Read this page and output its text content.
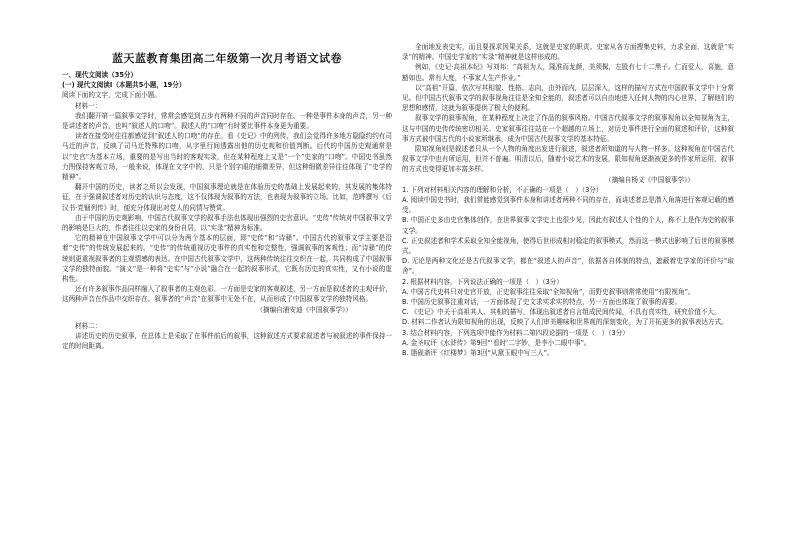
蓝天蓝教育集团高二年级第一次月考语文试卷

一、现代文阅读（35分）

(一) 现代文阅读Ⅰ（本题共5小题，19分）

阅读下面的文字，完成下面小题。

材料一：

我们翻开第一篇叙事文学时，常常会感觉到五步有两种不同的声音同时存在。一种是事件本身的声音，另一种是讲述者的声音，也叫“叙述人的口吻”。叙述人的“口吻”有时要比事件本身更为重要。

读者在接受时往往都感觉到“叙述人的口吻”的存在。看《史记》中的列传，我们会觉得许多地方隐隐约约有司马迁的声音，反映了司马迁特殊的口吻，从字里行间透露出他的历史观和价值判断。后代的中国历史观通常是以“史官”为基本立场，重要的是写出当时的客观实录，但在某种程度上又是“一个”史家的“口吻”。中国史书虽然力图保持客观立场，一般来说，体现在文字中的，只是个别字眼的细微差异，但这种细微差异往往体现了“史学的精神”。

翻开中国的历史，读者之所以会发现，中国叙事理论就是在体验历史的基础上发展起来的，其发展的集体特征，在于强调叙述者对历史的认识与态度，这不仅体现为叙事的方法，也表现为叙事的立场。比如，范晔撰写《后汉书·党锢列传》时，便充分体现出对党人的同情与赞赏。

由于中国的历史观影响，中国古代叙事文学的叙事手法也体现出强烈的史官意识。“史传”传统对中国叙事文学的影响是巨大的，作者往往以史家的身份自居，以“实录”精神为标准。

它的精神在中国叙事文学中可以分为两个基本的层面，即“史传”和“诗骚”。中国古代的叙事文学主要是沿着“史传”的传统发展起来的。“史传”的传统重视历史事件的真实性和完整性，强调叙事的客观性；而“诗骚”的传统则更重视叙事者的主观情感的表达。在中国古代叙事文学中，这两种传统往往交织在一起，共同构成了中国叙事文学的独特面貌。“演义”是一种将“史实”与“小说”融合在一起的叙事形式，它既有历史的真实性，又有小说的虚构性。

还有许多叙事作品同样融入了叙事者的主观色彩，一方面是史家的客观叙述，另一方面是叙述者的主观评价，这两种声音在作品中交织存在。叙事者的“声音”在叙事中无处不在，从而形成了中国叙事文学的独特风格。

（摘编自浦安迪《中国叙事学》）

材料二：

讲述历史的历史叙事，在总体上是采取了在事件前后的叙事，这种叙述方式要求叙述者与被叙述的事件保持一定的时间距离。

全面地发表史实，而且要探求因果关系，这就是史家的职责。史家从各方面搜集史料，力求全面，这就是“实录”的精神。中国史学家的“实录”精神就是这样形成的。

例如，《史记·高祖本纪》写刘邦：“高祖为人，隆准而龙颜，美须髯，左股有七十二黑子。仁而爱人，喜施，意豁如也。常有大度，不事家人生产作业。”

以“高祖”开篇，依次写其相貌、性格、志向，由外而内，层层深入，这样的描写方式在中国叙事文学中十分常见。但中国古代叙事文学的叙事视角往往是全知全能的，叙述者可以自由地进入任何人物的内心世界，了解他们的思想和感情，这就为叙事提供了极大的便利。

叙事文学的叙事视角，在某种程度上决定了作品的叙事风格。中国古代叙事文学的叙事视角以全知视角为主，这与中国的史传传统密切相关。史家叙事往往站在一个超越的立场上，对历史事件进行全面的叙述和评价，这种叙事方式被中国古代的小说家所继承，成为中国古代叙事文学的基本特征。

限知视角则是叙述者只从一个人物的角度出发进行叙述，叙述者所知道的与人物一样多。这种视角在中国古代叙事文学中也有所运用，但并不普遍。明清以后，随着小说艺术的发展，限知视角逐渐被更多的作家所运用，叙事的方式也变得更加丰富多样。

（摘编自杨义《中国叙事学》）

1. 下列对材料相关内容的理解和分析，不正确的一项是（　）（3分）

A. 阅读中国史书时，我们常能感觉到事件本身和讲述者两种不同的存在，而讲述者总是潜入角落进行客观记载的感受。

B. 中国正史多由史官集体创作，在世界叙事文学史上也很少见，因此有叙述人个性的个人，称不上是作为史的叙事文学。

C. 正史叙述者和学术采取全知全能视角，使得后世形成相对稳定的叙事模式，然而这一模式也影响了后世的叙事模式。

D. 无论是两种文化还是古代叙事文学，都在“叙述人的声音”，依据各自体制的特点，遮蔽着史学家的评价与“取舍”。

2. 根据材料内容，下列说法正确的一项是（　）（3分）

A. 中国古代史料只对史官开放，正史叙事往往采取“全知视角”，而野史叙事则常常使用“有限视角”。

B. 中国历史叙事注重对话，一方面体现了史文求实求实的特点，另一方面也体现了叙事的需要。

C. 《史记》中关于高祖其人、其相的描写，体现出叙述者自言组成民间传闻，不具有真实性，研究价值不大。

D. 材料二作者认为限知视角的出现，反映了人们审美趣味和世界观的深刻变化，为了开拓更多的叙事表达方式。

3. 结合材料内容，下列选项中能作为材料二第四段论据的一项是（　）（3分）

A. 金圣叹评《水浒传》第9回“‘看时’二字妙，是李小二眼中事”。

B. 脂砚斋评《红楼梦》第3回“从黛玉眼中写三人”。
